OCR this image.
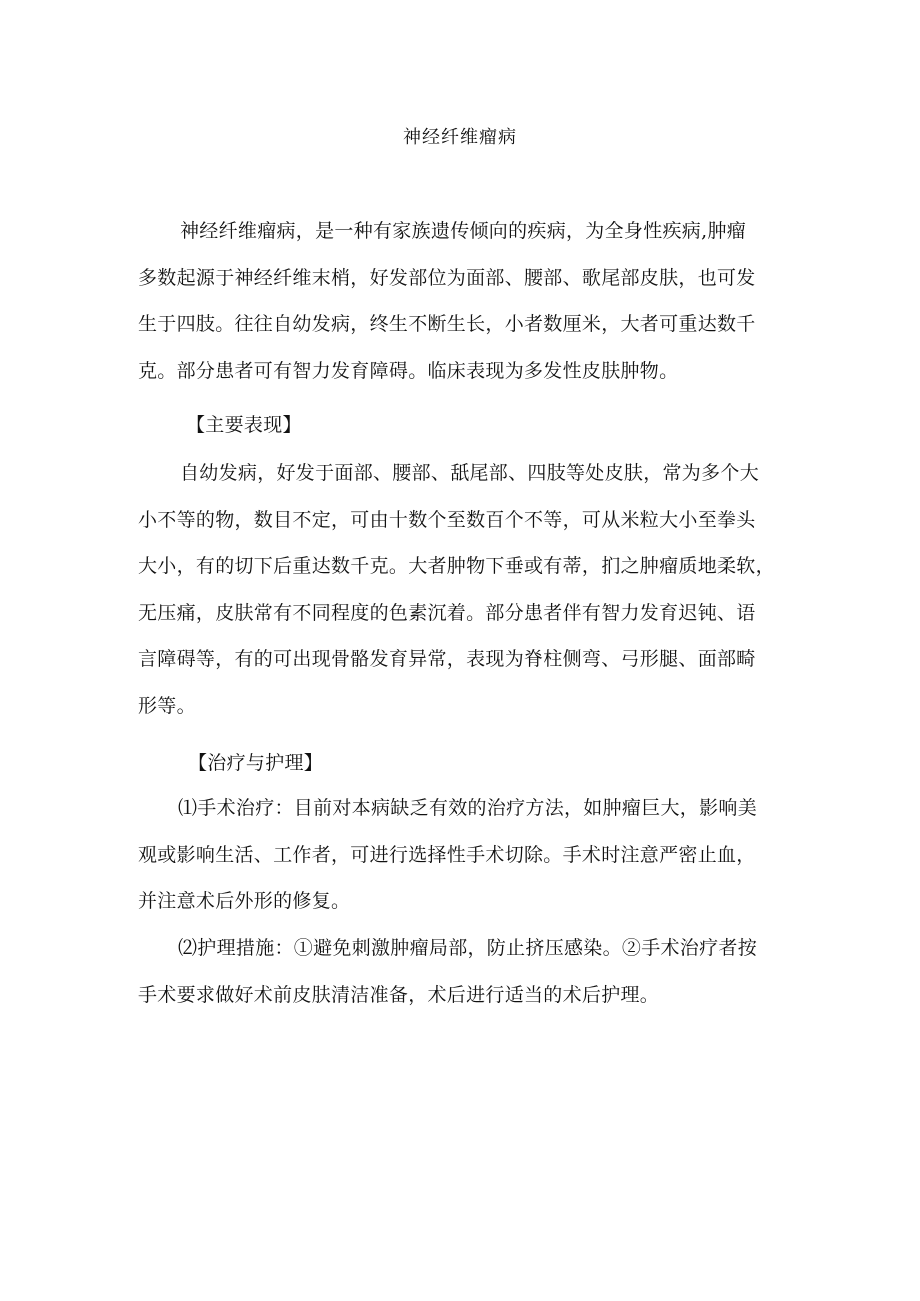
神经纤维瘤病
神经纤维瘤病，是一种有家族遗传倾向的疾病，为全身性疾病,肿瘤
多数起源于神经纤维末梢，好发部位为面部、腰部、歌尾部皮肤，也可发
生于四肢。往往自幼发病，终生不断生长，小者数厘米，大者可重达数千
克。部分患者可有智力发育障碍。临床表现为多发性皮肤肿物。
【主要表现】
自幼发病，好发于面部、腰部、舐尾部、四肢等处皮肤，常为多个大
小不等的物，数目不定，可由十数个至数百个不等，可从米粒大小至拳头
大小，有的切下后重达数千克。大者肿物下垂或有蒂，扪之肿瘤质地柔软，
无压痛，皮肤常有不同程度的色素沉着。部分患者伴有智力发育迟钝、语
言障碍等，有的可出现骨骼发育异常，表现为脊柱侧弯、弓形腿、面部畸
形等。
【治疗与护理】
⑴手术治疗：目前对本病缺乏有效的治疗方法，如肿瘤巨大，影响美
观或影响生活、工作者，可进行选择性手术切除。手术时注意严密止血，
并注意术后外形的修复。
⑵护理措施：①避免刺激肿瘤局部，防止挤压感染。②手术治疗者按
手术要求做好术前皮肤清洁准备，术后进行适当的术后护理。
